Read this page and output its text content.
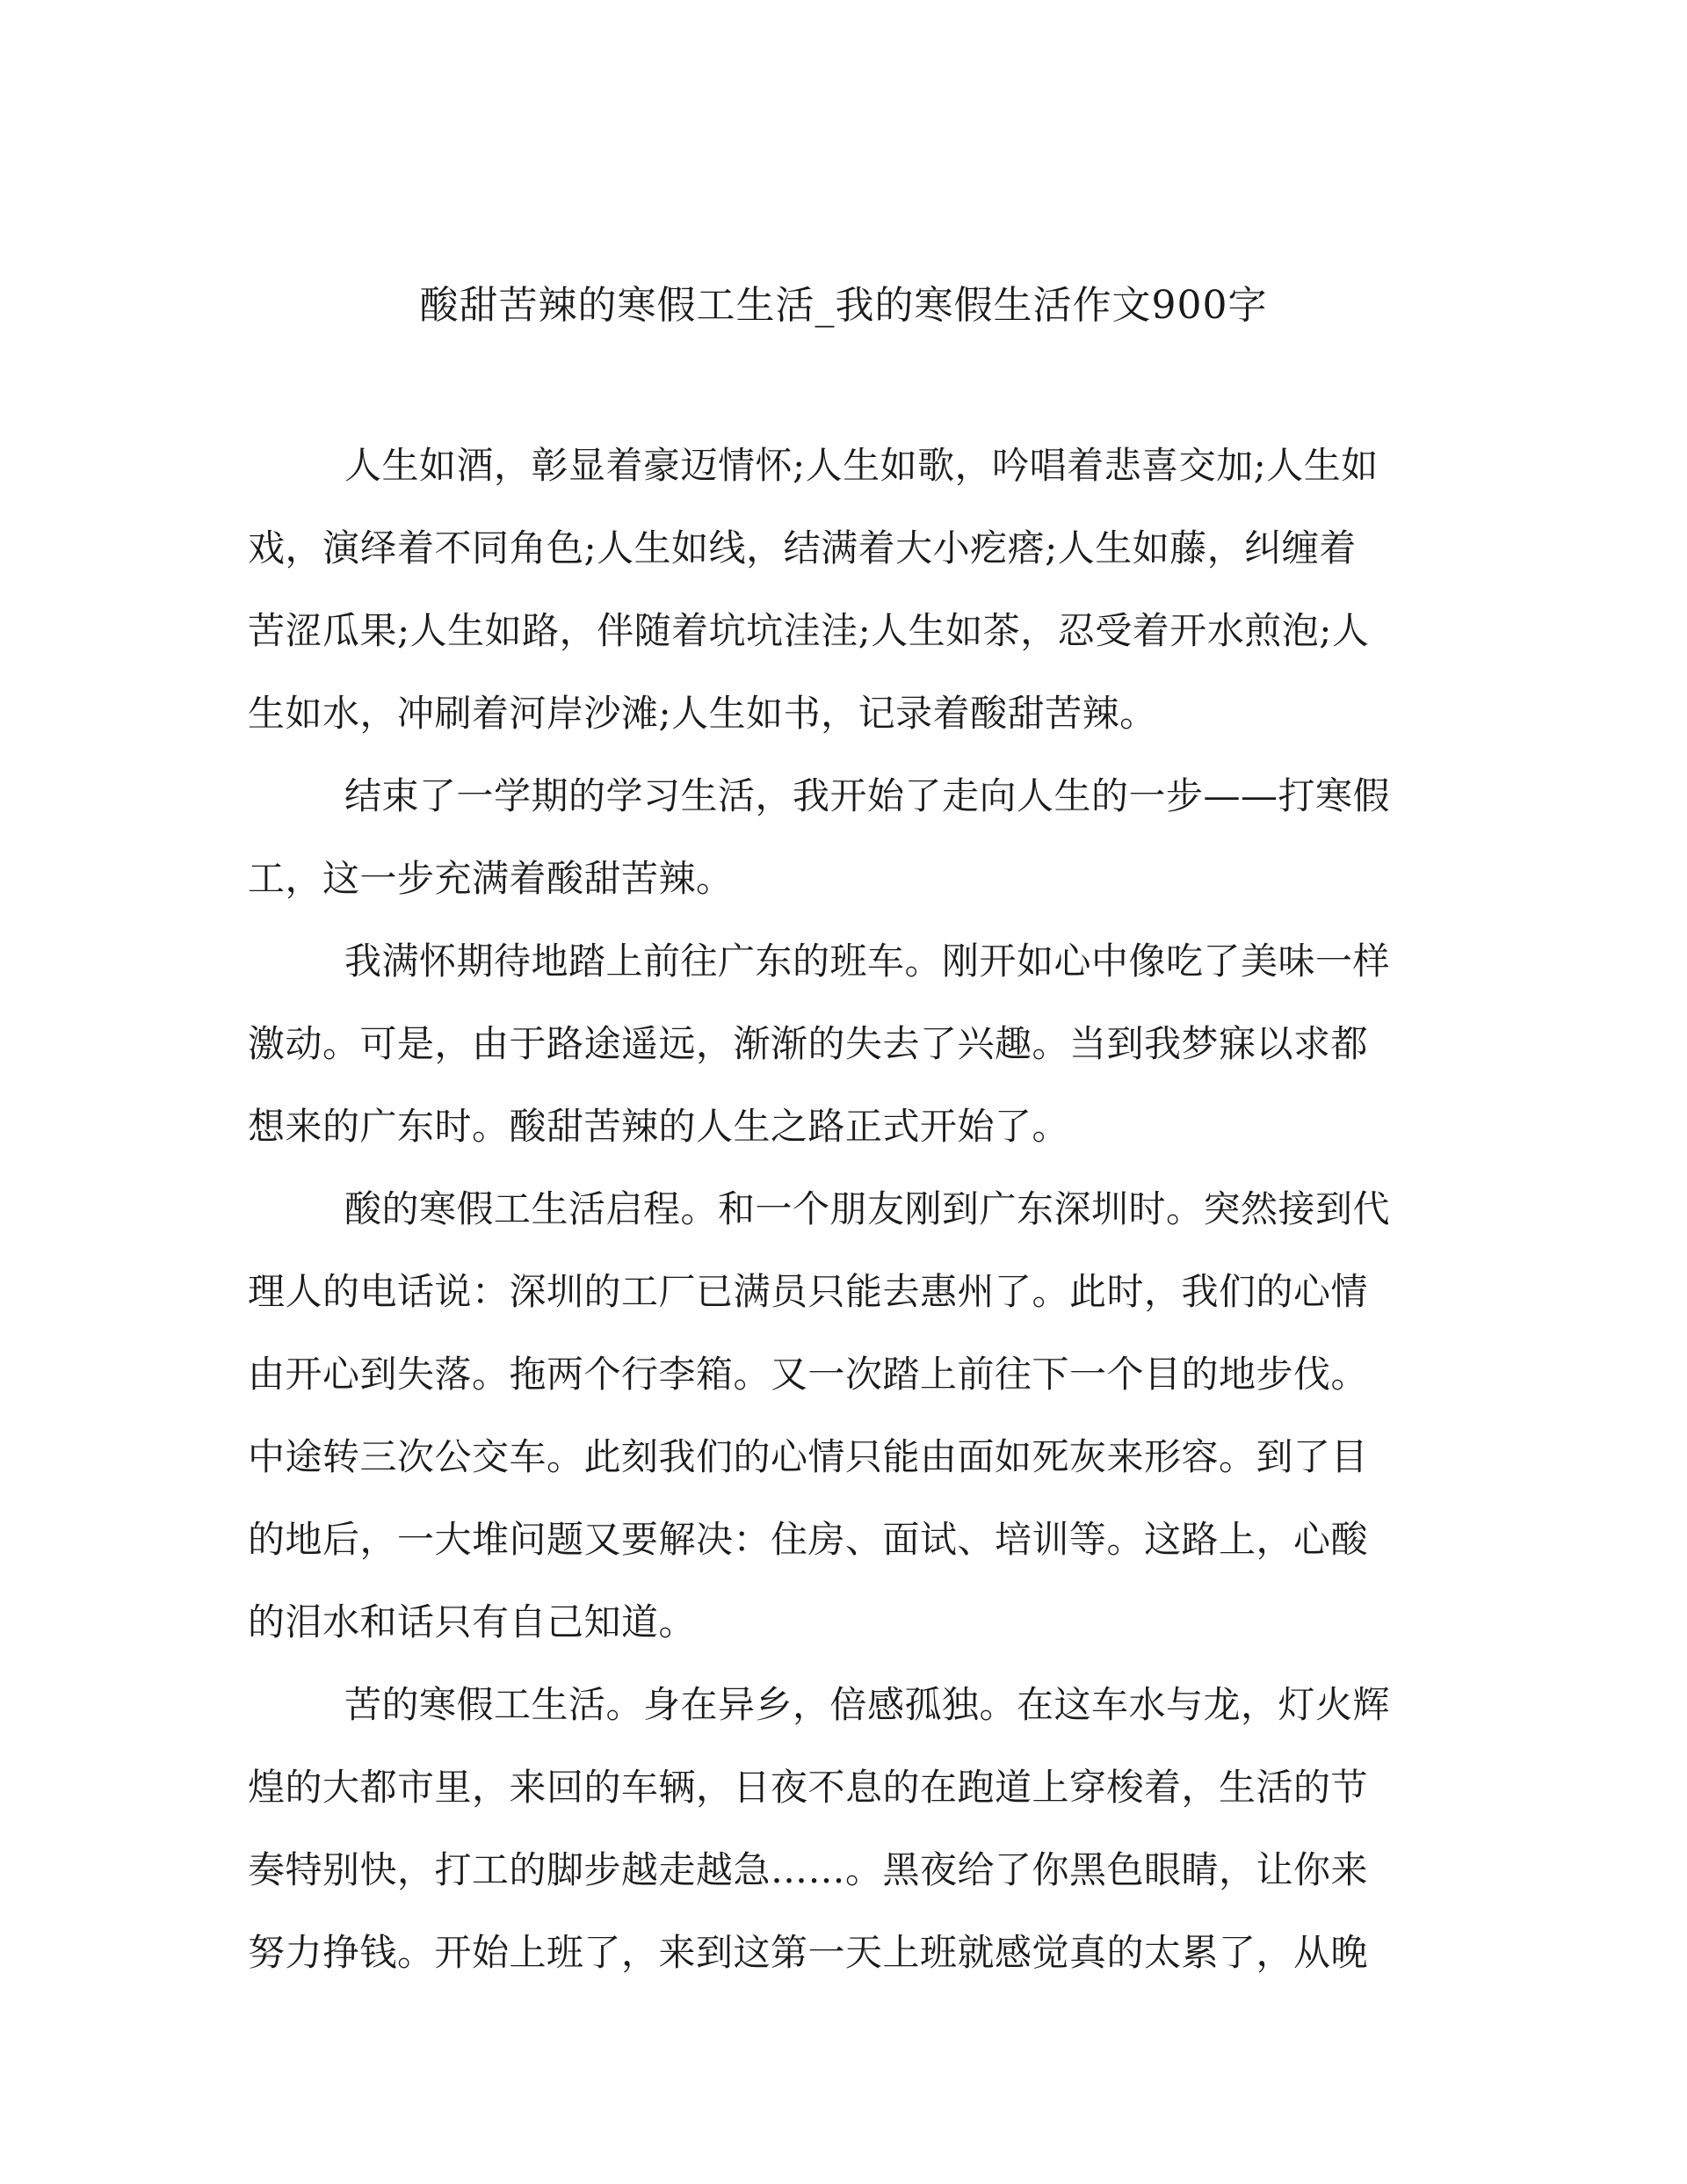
酸甜苦辣的寒假工生活_我的寒假生活作文900字
人生如酒，彰显着豪迈情怀;人生如歌，吟唱着悲喜交加;人生如
戏，演绎着不同角色;人生如线，结满着大小疙瘩;人生如藤，纠缠着
苦涩瓜果;人生如路，伴随着坑坑洼洼;人生如茶，忍受着开水煎泡;人
生如水，冲刷着河岸沙滩;人生如书，记录着酸甜苦辣。
结束了一学期的学习生活，我开始了走向人生的一步——打寒假
工，这一步充满着酸甜苦辣。
我满怀期待地踏上前往广东的班车。刚开如心中像吃了美味一样
激动。可是，由于路途遥远，渐渐的失去了兴趣。当到我梦寐以求都
想来的广东时。酸甜苦辣的人生之路正式开始了。
酸的寒假工生活启程。和一个朋友刚到广东深圳时。突然接到代
理人的电话说：深圳的工厂已满员只能去惠州了。此时，我们的心情
由开心到失落。拖两个行李箱。又一次踏上前往下一个目的地步伐。
中途转三次公交车。此刻我们的心情只能由面如死灰来形容。到了目
的地后，一大堆问题又要解决：住房、面试、培训等。这路上，心酸
的泪水和话只有自己知道。
苦的寒假工生活。身在异乡，倍感孤独。在这车水与龙，灯火辉
煌的大都市里，来回的车辆，日夜不息的在跑道上穿梭着，生活的节
奏特别快，打工的脚步越走越急……。黑夜给了你黑色眼睛，让你来
努力挣钱。开始上班了，来到这第一天上班就感觉真的太累了，从晚
